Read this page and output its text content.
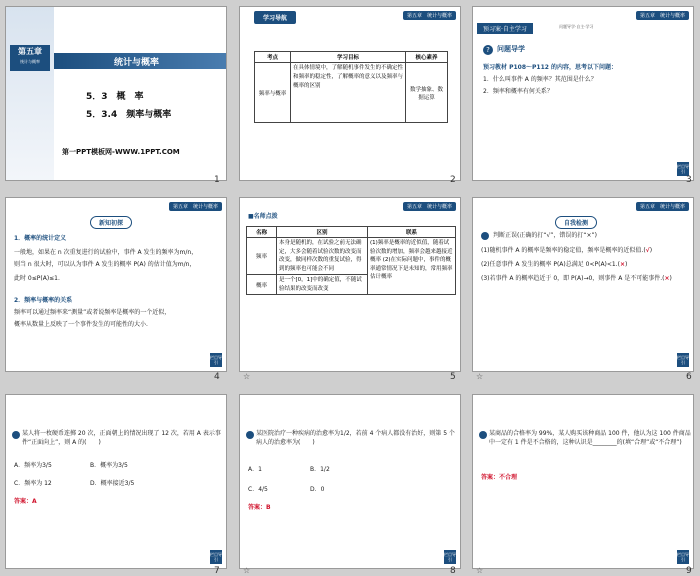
第五章
统计与概率	统计与概率
5．3　概　率
5．3.4　频率与概率
第一PPT模板网-WWW.1PPT.COM
1
第五章　统计与概率
学习导航
考点	学习目标	核心素养
频率与概率	在具体情境中，了解随机事件发生的不确定性和频率的稳定性，了解概率的意义以及频率与概率的区别	数学抽象、数据运算
2
第五章　统计与概率
预习案·自主学习	问题导学·自主·学习
?	问题导学
预习教材 P108～P112 的内容，思考以下问题：
1．什么叫事件 A 的频率？其范围是什么？
2．频率和概率有何关系？
栏目导引
3
第五章　统计与概率
新知初探
1．概率的统计定义
一般地，如果在 n 次重复进行的试验中，事件 A 发生的频率为m/n，
则当 n 很大时，可以认为事件 A 发生的概率 P(A) 的估计值为m/n，
此时 0≤P(A)≤1.
2．频率与概率的关系
频率可以通过频率来“测量”或者说频率是概率的一个近似，
概率从数量上反映了一个事件发生的可能性的大小.
栏目导引
4
第五章　统计与概率
■名师点拨
名称	区别	联系
频率	本身是随机的，在试验之前无法确定，大多会随着试验次数的改变而改变，做同样次数的重复试验，得到的频率也可能会不同	(1)频率是概率的近似值，随着试验次数的增加，频率会越来越接近概率 (2)在实际问题中，事件的概率通常情况下是未知的，常用频率估计概率
概率	是一个[0，1]中的确定值，不随试验结果的改变而改变	
5
第五章　统计与概率
自我检测
判断正误(正确的打“√”，错误的打“×”)
(1)随机事件 A 的概率是频率的稳定值，频率是概率的近似值.(√)
(2)任意事件 A 发生的概率 P(A)总满足 0<P(A)<1.(×)
(3)若事件 A 的概率趋近于 0，即 P(A)→0，则事件 A 是不可能事件.(×)
栏目导引
6
某人将一枚硬币连掷 20 次，正面朝上的情况出现了 12 次，若用 A 表示事件“正面向上”，则 A 的(　　)
A．频率为3/5	B．概率为3/5
C．频率为 12	D．概率接近3/5
答案：A
栏目导引
7
某医院治疗一种疾病的治愈率为1/2，若前 4 个病人都没有治好，则第 5 个病人的治愈率为(　　)
A．1	B．1/2
C．4/5	D．0
答案：B
栏目导引
8
某商品的合格率为 99%，某人购买该种商品 100 件，他认为这 100 件商品中一定有 1 件是不合格的，这种认识是________的(填“合理”或“不合理”)
答案：不合理
栏目导引
9
☆
☆
☆	☆
